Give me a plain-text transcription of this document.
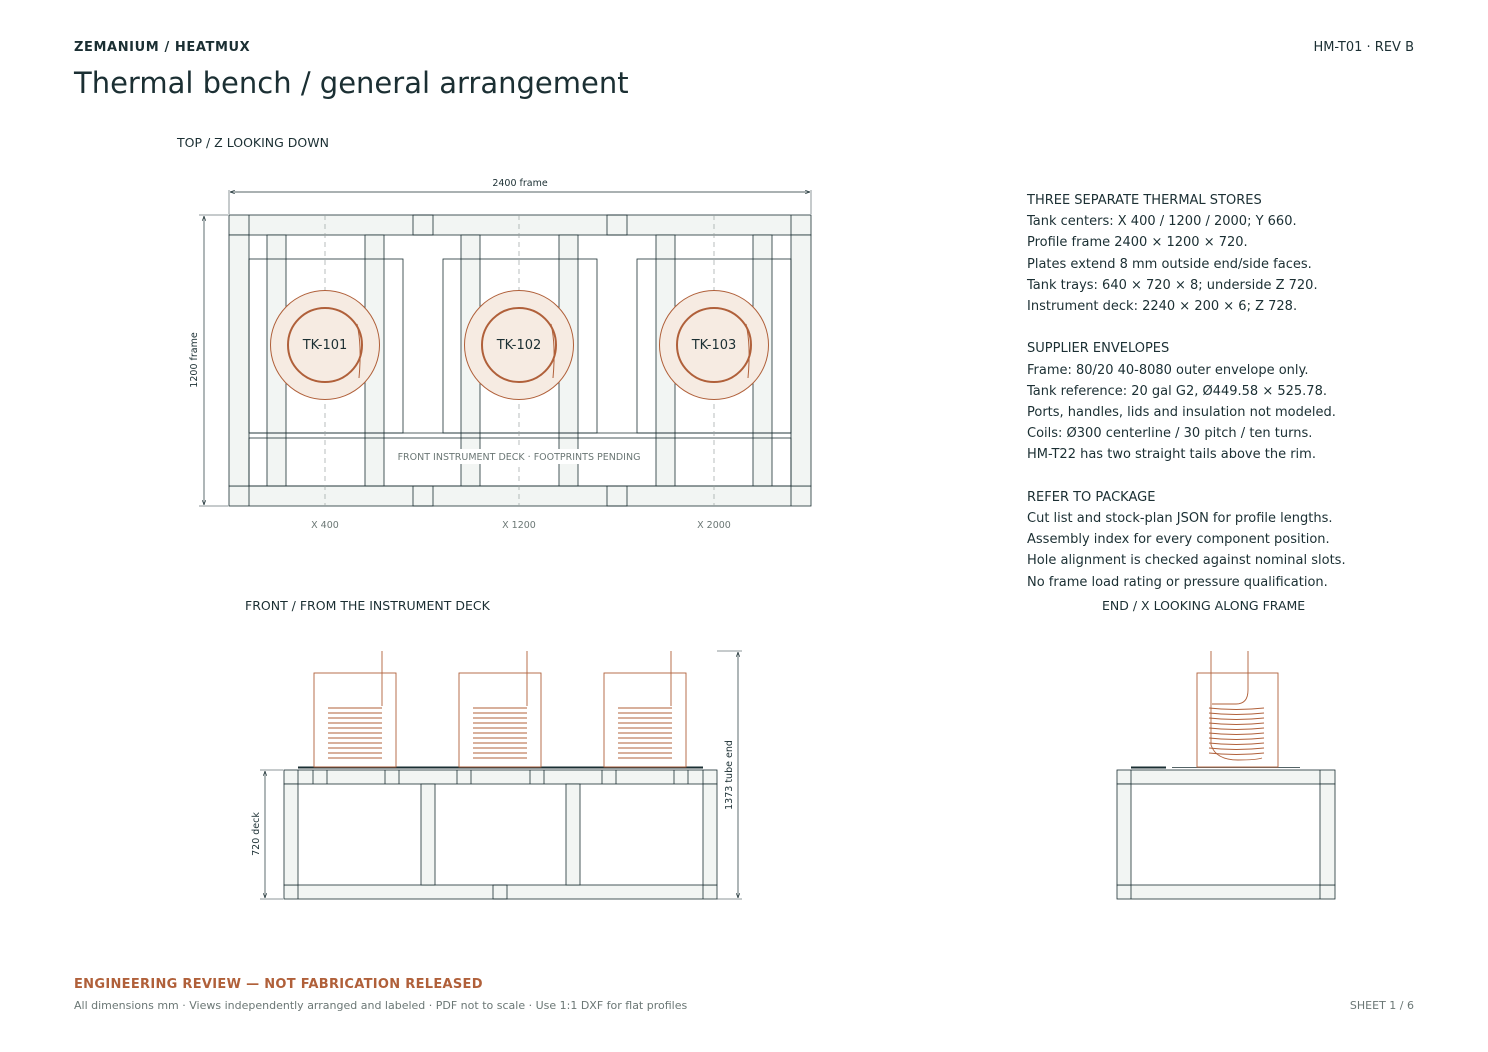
ZEMANIUM / HEATMUX	HM-T01 · REV B
Thermal bench / general arrangement
TOP / Z LOOKING DOWN
FRONT / FROM THE INSTRUMENT DECK	END / X LOOKING ALONG FRAME
2400 frame
1200 frame	TK-101	TK-102	TK-103
FRONT INSTRUMENT DECK · FOOTPRINTS PENDING
X 400	X 1200	X 2000
720 deck
1373 tube end
THREE SEPARATE THERMAL STORES
Tank centers: X 400 / 1200 / 2000; Y 660.
Profile frame 2400 × 1200 × 720.
Plates extend 8 mm outside end/side faces.
Tank trays: 640 × 720 × 8; underside Z 720.
Instrument deck: 2240 × 200 × 6; Z 728.
SUPPLIER ENVELOPES
Frame: 80/20 40-8080 outer envelope only.
Tank reference: 20 gal G2, Ø449.58 × 525.78.
Ports, handles, lids and insulation not modeled.
Coils: Ø300 centerline / 30 pitch / ten turns.
HM-T22 has two straight tails above the rim.
REFER TO PACKAGE
Cut list and stock-plan JSON for profile lengths.
Assembly index for every component position.
Hole alignment is checked against nominal slots.
No frame load rating or pressure qualification.
ENGINEERING REVIEW — NOT FABRICATION RELEASED
All dimensions mm · Views independently arranged and labeled · PDF not to scale · Use 1:1 DXF for flat profiles	SHEET 1 / 6
